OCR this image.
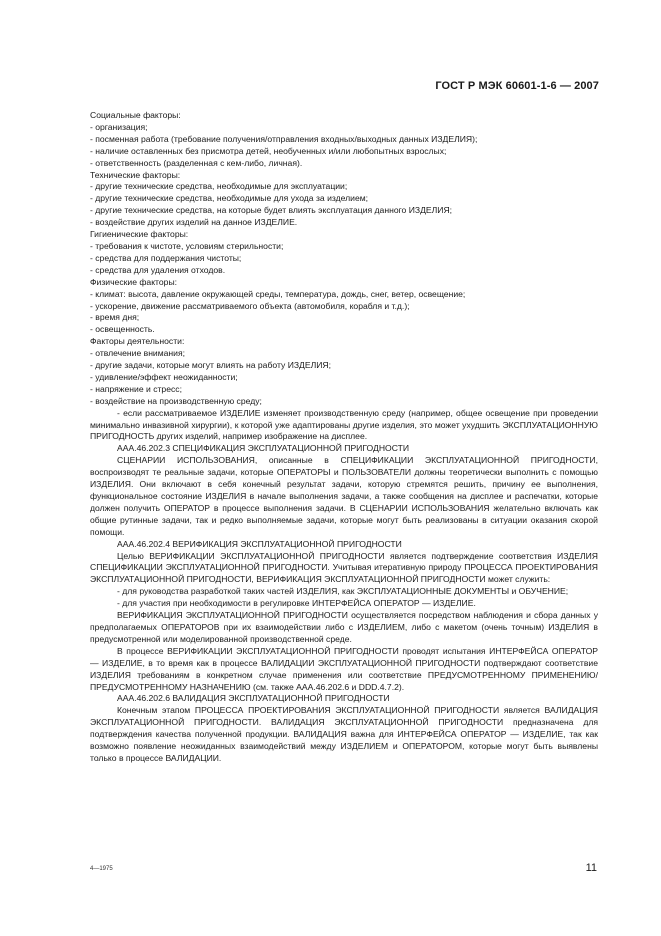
ГОСТ Р МЭК 60601-1-6 — 2007

Социальные факторы:

- организация;

- посменная работа (требование получения/отправления входных/выходных данных ИЗДЕЛИЯ);

- наличие оставленных без присмотра детей, необученных и/или любопытных взрослых;

- ответственность (разделенная с кем-либо, личная).

Технические факторы:

- другие технические средства, необходимые для эксплуатации;

- другие технические средства, необходимые для ухода за изделием;

- другие технические средства, на которые будет влиять эксплуатация данного ИЗДЕЛИЯ;

- воздействие других изделий на данное ИЗДЕЛИЕ.

Гигиенические факторы:

- требования к чистоте, условиям стерильности;

- средства для поддержания чистоты;

- средства для удаления отходов.

Физические факторы:

- климат: высота, давление окружающей среды, температура, дождь, снег, ветер, освещение;

- ускорение, движение рассматриваемого объекта (автомобиля, корабля и т.д.);

- время дня;

- освещенность.

Факторы деятельности:

- отвлечение внимания;

- другие задачи, которые могут влиять на работу ИЗДЕЛИЯ;

- удивление/эффект неожиданности;

- напряжение и стресс;

- воздействие на производственную среду;

- если рассматриваемое ИЗДЕЛИЕ изменяет производственную среду (например, общее освещение при проведении минимально инвазивной хирургии), к которой уже адаптированы другие изделия, это может ухудшить ЭКСПЛУАТАЦИОННУЮ ПРИГОДНОСТЬ других изделий, например изображение на дисплее.

ААА.46.202.3 СПЕЦИФИКАЦИЯ ЭКСПЛУАТАЦИОННОЙ ПРИГОДНОСТИ

СЦЕНАРИИ ИСПОЛЬЗОВАНИЯ, описанные в СПЕЦИФИКАЦИИ ЭКСПЛУАТАЦИОННОЙ ПРИГОДНОСТИ, воспроизводят те реальные задачи, которые ОПЕРАТОРЫ и ПОЛЬЗОВАТЕЛИ должны теоретически выполнить с помощью ИЗДЕЛИЯ. Они включают в себя конечный результат задачи, которую стремятся решить, причину ее выполнения, функциональное состояние ИЗДЕЛИЯ в начале выполнения задачи, а также сообщения на дисплее и распечатки, которые должен получить ОПЕРАТОР в процессе выполнения задачи. В СЦЕНАРИИ ИСПОЛЬЗОВАНИЯ желательно включать как общие рутинные задачи, так и редко выполняемые задачи, которые могут быть реализованы в ситуации оказания скорой помощи.

ААА.46.202.4 ВЕРИФИКАЦИЯ ЭКСПЛУАТАЦИОННОЙ ПРИГОДНОСТИ

Целью ВЕРИФИКАЦИИ ЭКСПЛУАТАЦИОННОЙ ПРИГОДНОСТИ является подтверждение соответствия ИЗДЕЛИЯ СПЕЦИФИКАЦИИ ЭКСПЛУАТАЦИОННОЙ ПРИГОДНОСТИ. Учитывая итеративную природу ПРОЦЕССА ПРОЕКТИРОВАНИЯ ЭКСПЛУАТАЦИОННОЙ ПРИГОДНОСТИ, ВЕРИФИКАЦИЯ ЭКСПЛУАТАЦИОННОЙ ПРИГОДНОСТИ может служить:

- для руководства разработкой таких частей ИЗДЕЛИЯ, как ЭКСПЛУАТАЦИОННЫЕ ДОКУМЕНТЫ и ОБУЧЕНИЕ;

- для участия при необходимости в регулировке ИНТЕРФЕЙСА ОПЕРАТОР — ИЗДЕЛИЕ.

ВЕРИФИКАЦИЯ ЭКСПЛУАТАЦИОННОЙ ПРИГОДНОСТИ осуществляется посредством наблюдения и сбора данных у предполагаемых ОПЕРАТОРОВ при их взаимодействии либо с ИЗДЕЛИЕМ, либо с макетом (очень точным) ИЗДЕЛИЯ в предусмотренной или моделированной производственной среде.

В процессе ВЕРИФИКАЦИИ ЭКСПЛУАТАЦИОННОЙ ПРИГОДНОСТИ проводят испытания ИНТЕРФЕЙСА ОПЕРАТОР — ИЗДЕЛИЕ, в то время как в процессе ВАЛИДАЦИИ ЭКСПЛУАТАЦИОННОЙ ПРИГОДНОСТИ подтверждают соответствие ИЗДЕЛИЯ требованиям в конкретном случае применения или соответствие ПРЕДУСМОТРЕННОМУ ПРИМЕНЕНИЮ/ПРЕДУСМОТРЕННОМУ НАЗНАЧЕНИЮ (см. также ААА.46.202.6 и DDD.4.7.2).

ААА.46.202.6 ВАЛИДАЦИЯ ЭКСПЛУАТАЦИОННОЙ ПРИГОДНОСТИ

Конечным этапом ПРОЦЕССА ПРОЕКТИРОВАНИЯ ЭКСПЛУАТАЦИОННОЙ ПРИГОДНОСТИ является ВАЛИДАЦИЯ ЭКСПЛУАТАЦИОННОЙ ПРИГОДНОСТИ. ВАЛИДАЦИЯ ЭКСПЛУАТАЦИОННОЙ ПРИГОДНОСТИ предназначена для подтверждения качества полученной продукции. ВАЛИДАЦИЯ важна для ИНТЕРФЕЙСА ОПЕРАТОР — ИЗДЕЛИЕ, так как возможно появление неожиданных взаимодействий между ИЗДЕЛИЕМ и ОПЕРАТОРОМ, которые могут быть выявлены только в процессе ВАЛИДАЦИИ.

4—1975	11
